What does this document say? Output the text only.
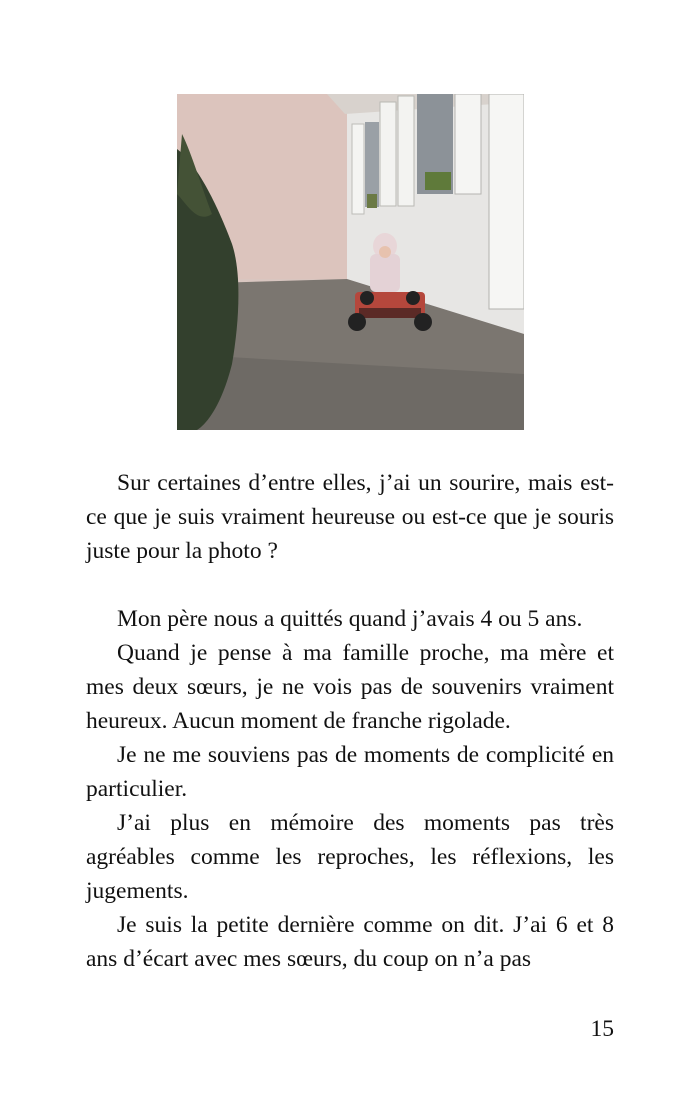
Sur certaines d’entre elles, j’ai un sourire, mais est-ce que je suis vraiment heureuse ou est-ce que je souris juste pour la photo ?

Mon père nous a quittés quand j’avais 4 ou 5 ans.

Quand je pense à ma famille proche, ma mère et mes deux sœurs, je ne vois pas de souvenirs vraiment heureux. Aucun moment de franche rigolade.

Je ne me souviens pas de moments de complicité en particulier.

J’ai plus en mémoire des moments pas très agréables comme les reproches, les réflexions, les jugements.

Je suis la petite dernière comme on dit. J’ai 6 et 8 ans d’écart avec mes sœurs, du coup on n’a pas

15
